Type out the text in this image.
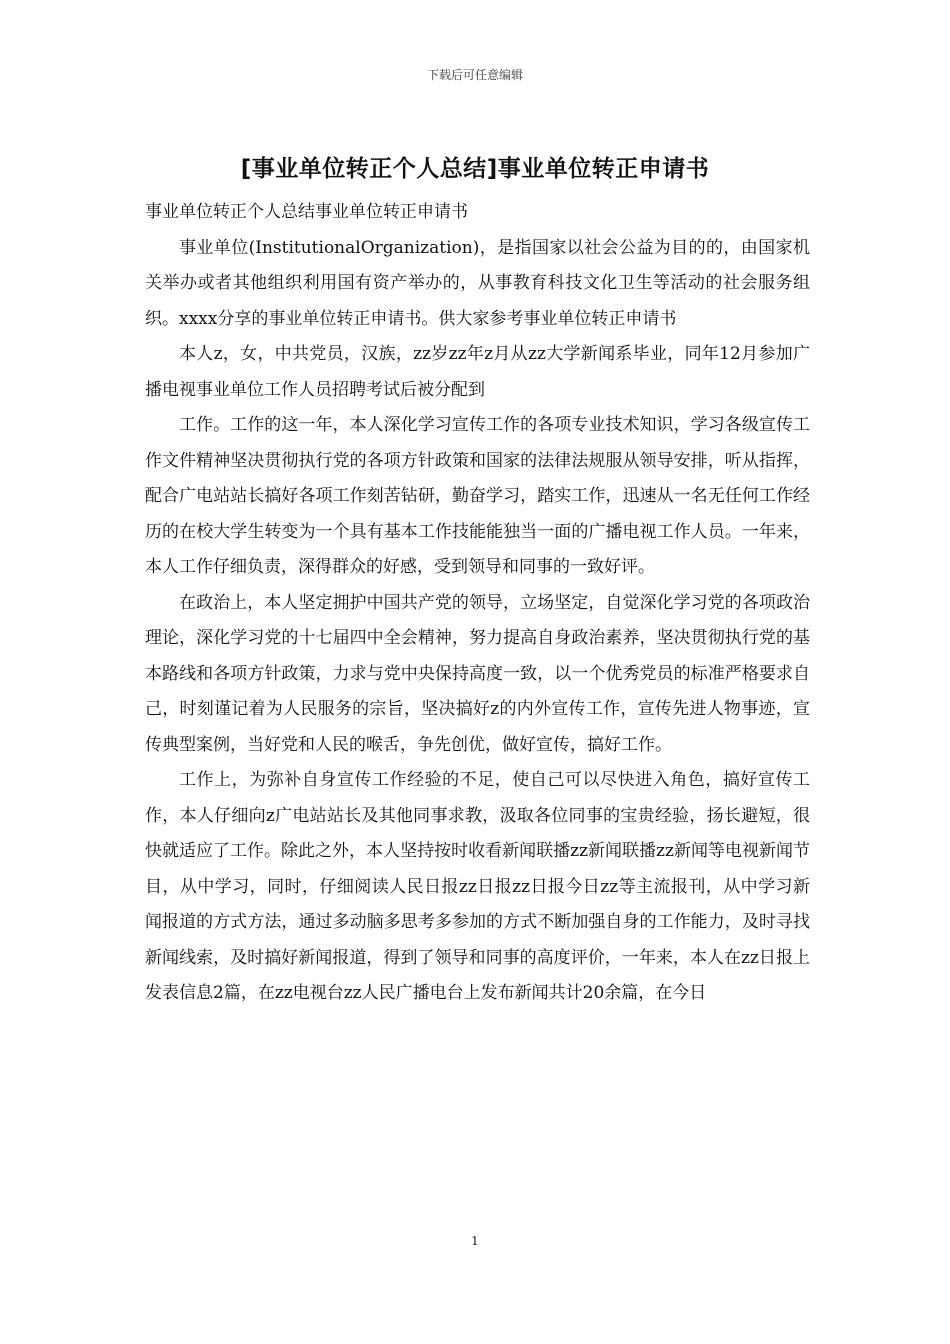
下载后可任意编辑
[事业单位转正个人总结]事业单位转正申请书

事业单位转正个人总结事业单位转正申请书

事业单位(InstitutionalOrganization)，是指国家以社会公益为目的的，由国家机关举办或者其他组织利用国有资产举办的，从事教育科技文化卫生等活动的社会服务组织。xxxx分享的事业单位转正申请书。供大家参考事业单位转正申请书

本人z，女，中共党员，汉族，zz岁zz年z月从zz大学新闻系毕业，同年12月参加广播电视事业单位工作人员招聘考试后被分配到

工作。工作的这一年，本人深化学习宣传工作的各项专业技术知识，学习各级宣传工作文件精神坚决贯彻执行党的各项方针政策和国家的法律法规服从领导安排，听从指挥，配合广电站站长搞好各项工作刻苦钻研，勤奋学习，踏实工作，迅速从一名无任何工作经历的在校大学生转变为一个具有基本工作技能能独当一面的广播电视工作人员。一年来，本人工作仔细负责，深得群众的好感，受到领导和同事的一致好评。

在政治上，本人坚定拥护中国共产党的领导，立场坚定，自觉深化学习党的各项政治理论，深化学习党的十七届四中全会精神，努力提高自身政治素养，坚决贯彻执行党的基本路线和各项方针政策，力求与党中央保持高度一致，以一个优秀党员的标准严格要求自己，时刻谨记着为人民服务的宗旨，坚决搞好z的内外宣传工作，宣传先进人物事迹，宣传典型案例，当好党和人民的喉舌，争先创优，做好宣传，搞好工作。

工作上，为弥补自身宣传工作经验的不足，使自己可以尽快进入角色，搞好宣传工作，本人仔细向z广电站站长及其他同事求教，汲取各位同事的宝贵经验，扬长避短，很快就适应了工作。除此之外，本人坚持按时收看新闻联播zz新闻联播zz新闻等电视新闻节目，从中学习，同时，仔细阅读人民日报zz日报zz日报今日zz等主流报刊，从中学习新闻报道的方式方法，通过多动脑多思考多参加的方式不断加强自身的工作能力，及时寻找新闻线索，及时搞好新闻报道，得到了领导和同事的高度评价，一年来，本人在zz日报上发表信息2篇，在zz电视台zz人民广播电台上发布新闻共计20余篇，在今日

1
